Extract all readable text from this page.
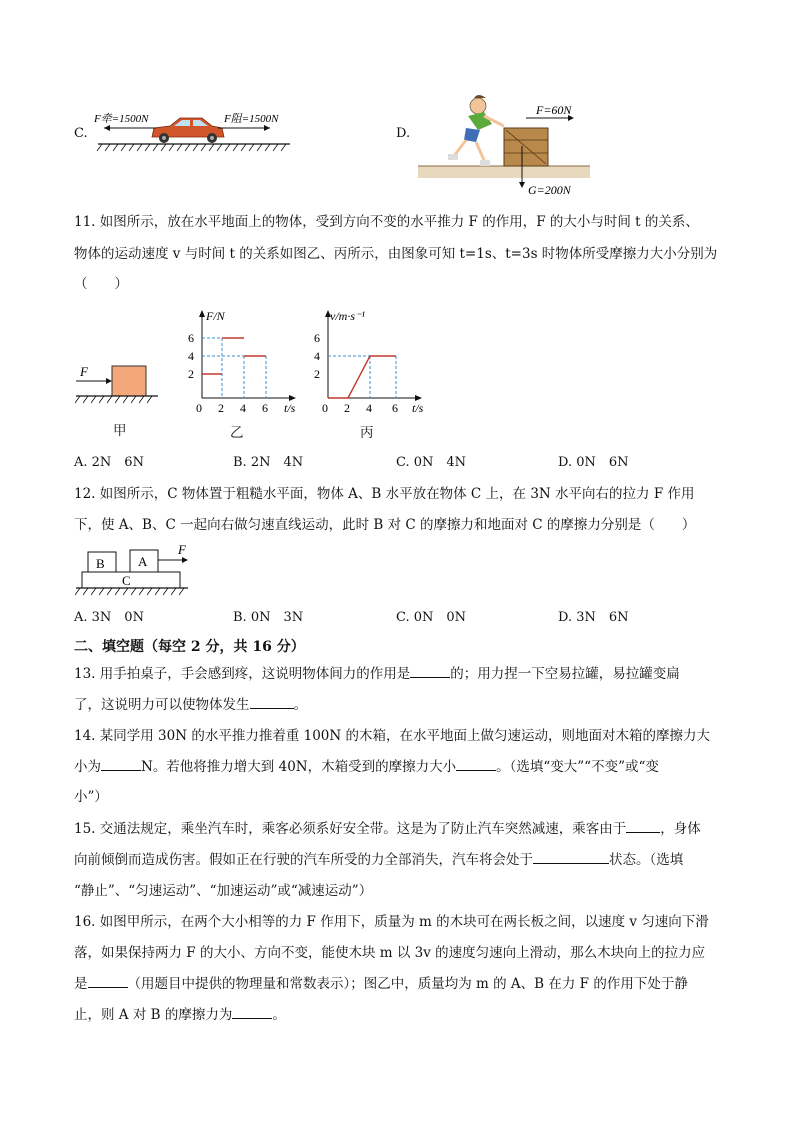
C.
F牵=1500N	F阻=1500N
D.
F=60N
G=200N
11. 如图所示，放在水平地面上的物体，受到方向不变的水平推力 F 的作用，F 的大小与时间 t 的关系、
物体的运动速度 v 与时间 t 的关系如图乙、丙所示，由图象可知 t=1s、t=3s 时物体所受摩擦力大小分别为
（　　）
F
甲
6
4
2
0 2 4 6
F/N
t/s
乙
6
4
2
0 2 4 6
v/m·s⁻¹
t/s
丙
A. 2N　6N	B. 2N　4N	C. 0N　4N	D. 0N　6N
12. 如图所示，C 物体置于粗糙水平面，物体 A、B 水平放在物体 C 上，在 3N 水平向右的拉力 F 作用
下，使 A、B、C 一起向右做匀速直线运动，此时 B 对 C 的摩擦力和地面对 C 的摩擦力分别是（　　）
B	A
C
F
A. 3N　0N	B. 0N　3N	C. 0N　0N	D. 3N　6N
二、填空题（每空 2 分，共 16 分）
13. 用手拍桌子，手会感到疼，这说明物体间力的作用是	的；用力捏一下空易拉罐，易拉罐变扁
了，这说明力可以使物体发生	。
14. 某同学用 30N 的水平推力推着重 100N 的木箱，在水平地面上做匀速运动，则地面对木箱的摩擦力大
小为	N。若他将推力增大到 40N，木箱受到的摩擦力大小	。（选填“变大”“不变”或“变
小”）
15. 交通法规定，乘坐汽车时，乘客必须系好安全带。这是为了防止汽车突然减速，乘客由于	，身体
向前倾倒而造成伤害。假如正在行驶的汽车所受的力全部消失，汽车将会处于	状态。（选填
“静止”、“匀速运动”、“加速运动”或“减速运动”）
16. 如图甲所示，在两个大小相等的力 F 作用下，质量为 m 的木块可在两长板之间，以速度 v 匀速向下滑
落，如果保持两力 F 的大小、方向不变，能使木块 m 以 3v 的速度匀速向上滑动，那么木块向上的拉力应
是	（用题目中提供的物理量和常数表示）；图乙中，质量均为 m 的 A、B 在力 F 的作用下处于静
止，则 A 对 B 的摩擦力为	。
